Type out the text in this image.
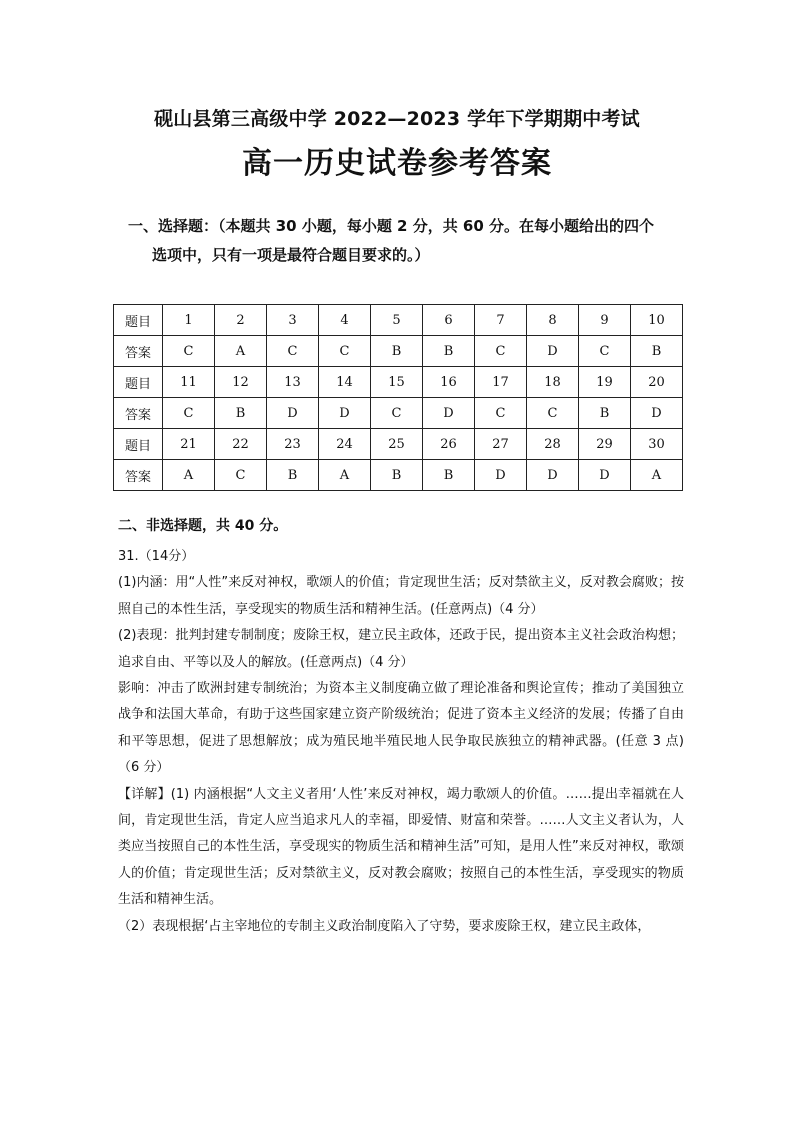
砚山县第三高级中学 2022—2023 学年下学期期中考试
高一历史试卷参考答案
一、选择题：（本题共 30 小题，每小题 2 分，共 60 分。在每小题给出的四个
选项中，只有一项是最符合题目要求的。）
题目	1	2	3	4	5	6	7	8	9	10
答案	C	A	C	C	B	B	C	D	C	B
题目	11	12	13	14	15	16	17	18	19	20
答案	C	B	D	D	C	D	C	C	B	D
题目	21	22	23	24	25	26	27	28	29	30
答案	A	C	B	A	B	B	D	D	D	A
二、非选择题，共 40 分。

31.（14分）

(1)内涵：用“人性”来反对神权，歌颂人的价值；肯定现世生活；反对禁欲主义，反对教会腐败；按照自己的本性生活，享受现实的物质生活和精神生活。(任意两点)（4 分）

(2)表现：批判封建专制制度；废除王权，建立民主政体，还政于民，提出资本主义社会政治构想；追求自由、平等以及人的解放。(任意两点)（4 分）

影响：冲击了欧洲封建专制统治；为资本主义制度确立做了理论准备和舆论宣传；推动了美国独立战争和法国大革命，有助于这些国家建立资产阶级统治；促进了资本主义经济的发展；传播了自由和平等思想，促进了思想解放；成为殖民地半殖民地人民争取民族独立的精神武器。(任意 3 点)（6 分）

【详解】(1) 内涵根据“人文主义者用‘人性’来反对神权，竭力歌颂人的价值。……提出幸福就在人间，肯定现世生活，肯定人应当追求凡人的幸福，即爱情、财富和荣誉。……人文主义者认为，人类应当按照自己的本性生活，享受现实的物质生活和精神生活”可知，是用人性”来反对神权，歌颂人的价值；肯定现世生活；反对禁欲主义，反对教会腐败；按照自己的本性生活，享受现实的物质生活和精神生活。

（2）表现根据‘占主宰地位的专制主义政治制度陷入了守势，要求废除王权，建立民主政体，
